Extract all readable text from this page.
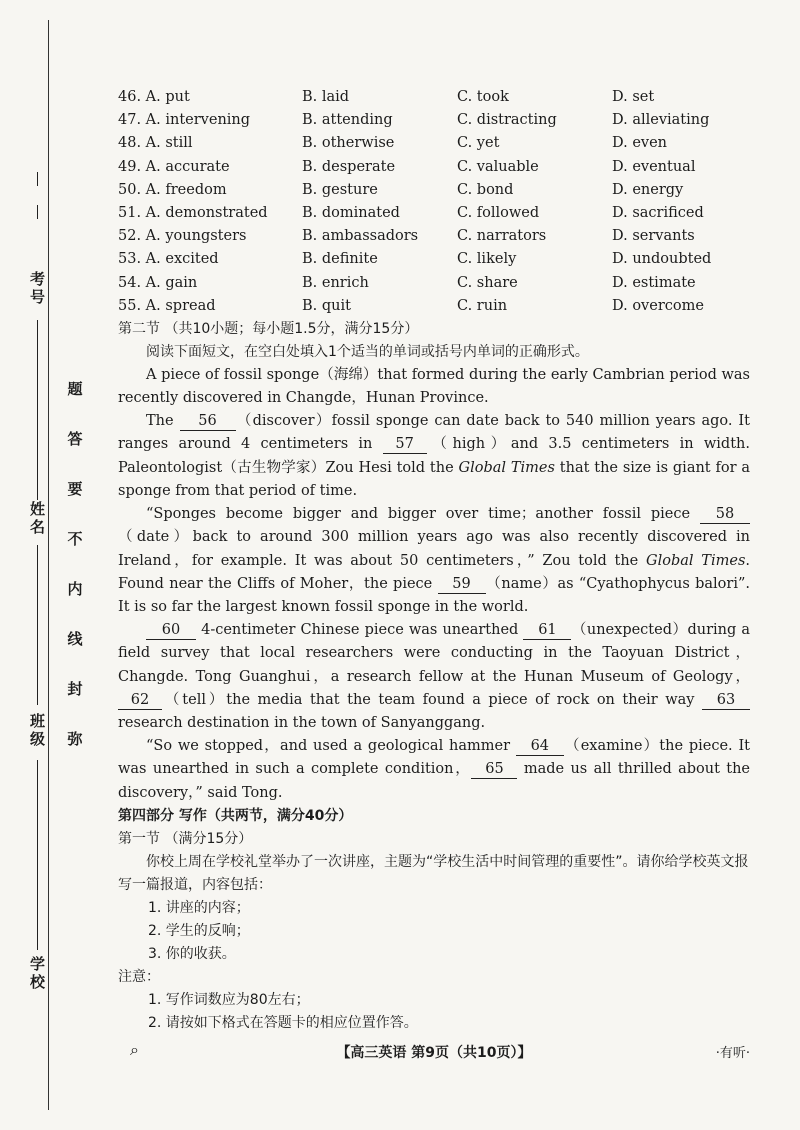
考号
姓名
班级
学校
题
答
要
不
内
线
封
弥
46. A. put	B. laid	C. took	D. set
47. A. intervening	B. attending	C. distracting	D. alleviating
48. A. still	B. otherwise	C. yet	D. even
49. A. accurate	B. desperate	C. valuable	D. eventual
50. A. freedom	B. gesture	C. bond	D. energy
51. A. demonstrated	B. dominated	C. followed	D. sacrificed
52. A. youngsters	B. ambassadors	C. narrators	D. servants
53. A. excited	B. definite	C. likely	D. undoubted
54. A. gain	B. enrich	C. share	D. estimate
55. A. spread	B. quit	C. ruin	D. overcome
第二节 （共10小题；每小题1.5分，满分15分）
阅读下面短文，在空白处填入1个适当的单词或括号内单词的正确形式。
A piece of fossil sponge（海绵）that formed during the early Cambrian period was recently discovered in Changde，Hunan Province.
The 56 （discover）fossil sponge can date back to 540 million years ago. It ranges around 4 centimeters in 57 （high）and 3.5 centimeters in width. Paleontologist（古生物学家）Zou Hesi told the Global Times that the size is giant for a sponge from that period of time.
“Sponges become bigger and bigger over time；another fossil piece 58（date）back to around 300 million years ago was also recently discovered in Ireland，for example. It was about 50 centimeters，” Zou told the Global Times. Found near the Cliffs of Moher，the piece 59 （name）as “Cyathophycus balori”. It is so far the largest known fossil sponge in the world.
60 4-centimeter Chinese piece was unearthed 61 （unexpected）during a field survey that local researchers were conducting in the Taoyuan District，Changde. Tong Guanghui，a research fellow at the Hunan Museum of Geology，62 （tell）the media that the team found a piece of rock on their way 63 research destination in the town of Sanyanggang.
“So we stopped，and used a geological hammer 64 （examine）the piece. It was unearthed in such a complete condition， 65 made us all thrilled about the discovery，” said Tong.
第四部分 写作（共两节，满分40分）
第一节 （满分15分）
你校上周在学校礼堂举办了一次讲座，主题为“学校生活中时间管理的重要性”。请你给学校英文报写一篇报道，内容包括：
1. 讲座的内容；
2. 学生的反响；
3. 你的收获。
注意：
1. 写作词数应为80左右；
2. 请按如下格式在答题卡的相应位置作答。
⌕	【高三英语 第9页（共10页）】	·有听·
